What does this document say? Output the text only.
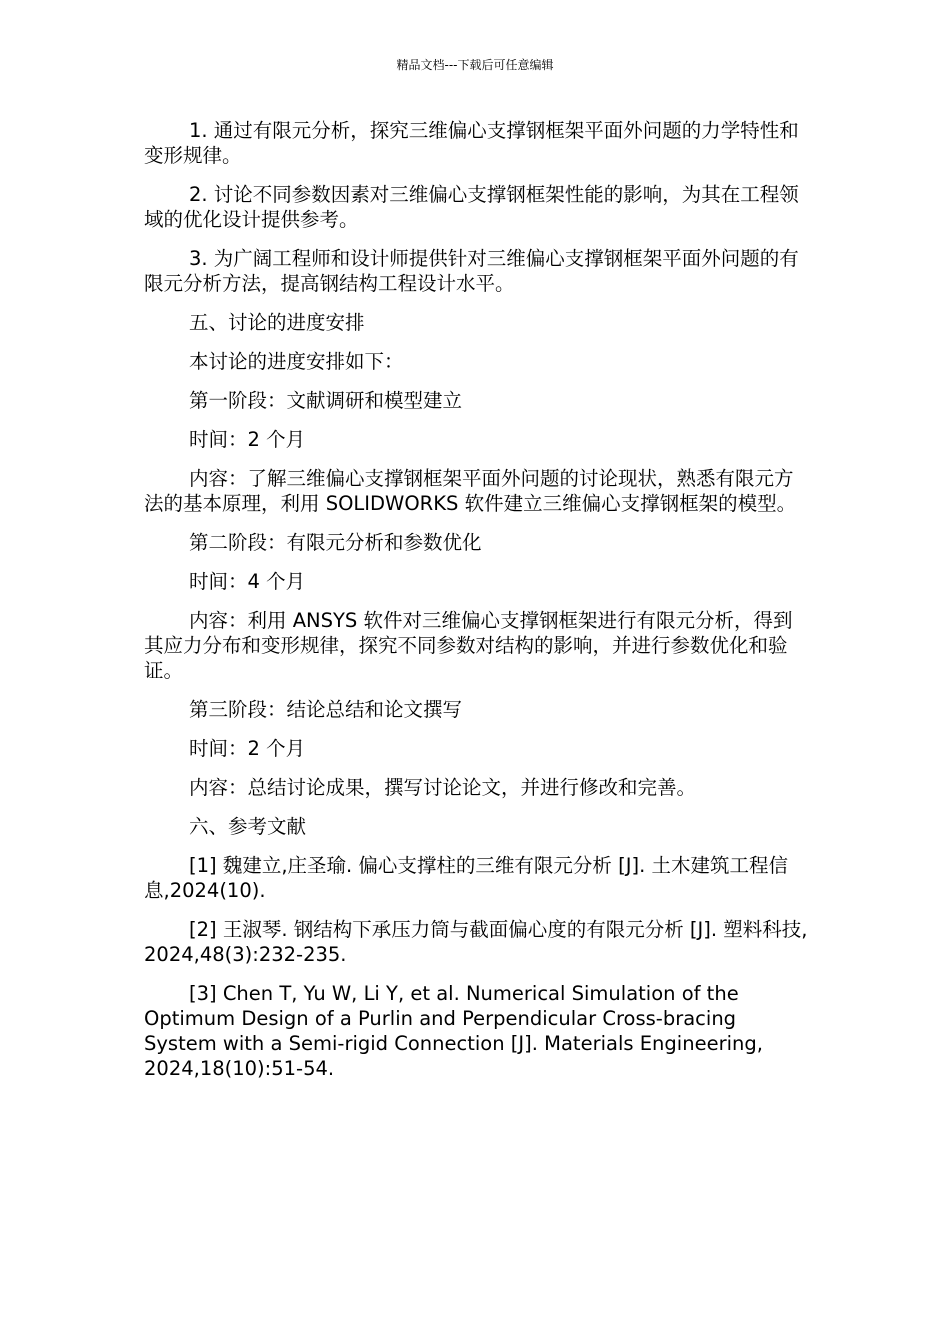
精品文档---下载后可任意编辑

1. 通过有限元分析，探究三维偏心支撑钢框架平面外问题的力学特性和变形规律。

2. 讨论不同参数因素对三维偏心支撑钢框架性能的影响，为其在工程领域的优化设计提供参考。

3. 为广阔工程师和设计师提供针对三维偏心支撑钢框架平面外问题的有限元分析方法，提高钢结构工程设计水平。

五、讨论的进度安排

本讨论的进度安排如下：

第一阶段：文献调研和模型建立

时间：2 个月

内容：了解三维偏心支撑钢框架平面外问题的讨论现状，熟悉有限元方法的基本原理，利用 SOLIDWORKS 软件建立三维偏心支撑钢框架的模型。

第二阶段：有限元分析和参数优化

时间：4 个月

内容：利用 ANSYS 软件对三维偏心支撑钢框架进行有限元分析，得到其应力分布和变形规律，探究不同参数对结构的影响，并进行参数优化和验证。

第三阶段：结论总结和论文撰写

时间：2 个月

内容：总结讨论成果，撰写讨论论文，并进行修改和完善。

六、参考文献

[1] 魏建立,庄圣瑜. 偏心支撑柱的三维有限元分析 [J]. 土木建筑工程信息,2024(10).

[2] 王淑琴. 钢结构下承压力筒与截面偏心度的有限元分析 [J]. 塑料科技,2024,48(3):232-235.

[3] Chen T, Yu W, Li Y, et al. Numerical Simulation of the Optimum Design of a Purlin and Perpendicular Cross-bracing System with a Semi-rigid Connection [J]. Materials Engineering, 2024,18(10):51-54.
